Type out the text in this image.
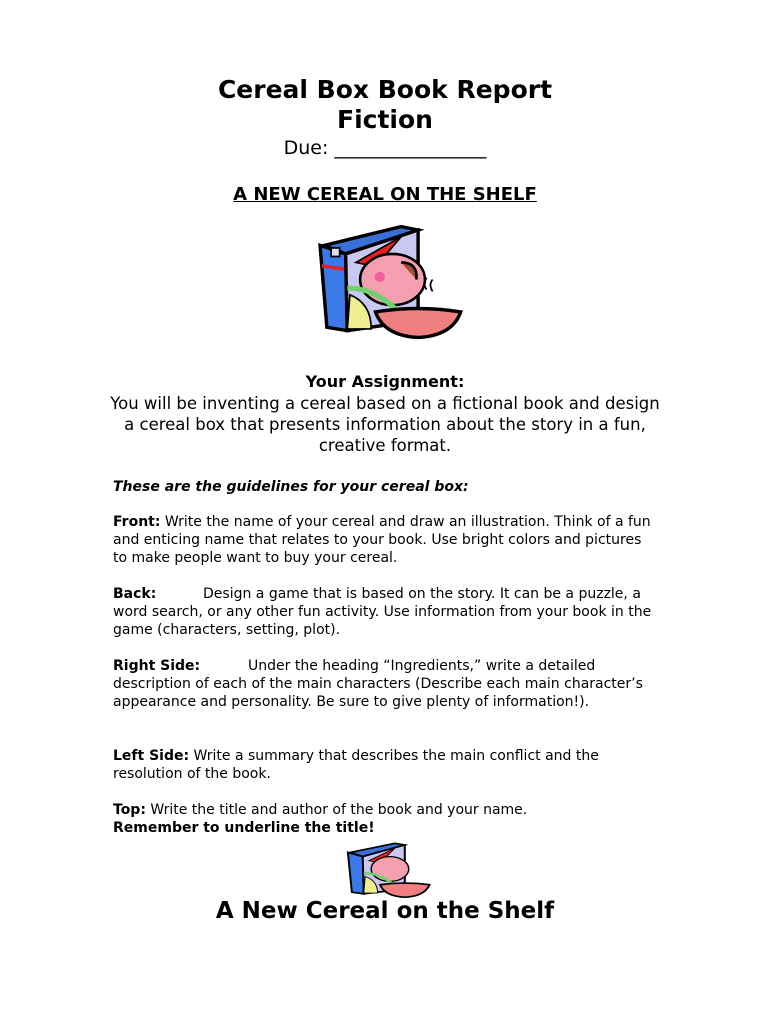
Cereal Box Book Report
Fiction
Due: ________________
A NEW CEREAL ON THE SHELF
Your Assignment:
You will be inventing a cereal based on a fictional book and design a cereal box that presents information about the story in a fun, creative format.
These are the guidelines for your cereal box:
Front: Write the name of your cereal and draw an illustration. Think of a fun and enticing name that relates to your book. Use bright colors and pictures to make people want to buy your cereal.
Back:	Design a game that is based on the story. It can be a puzzle, a word search, or any other fun activity. Use information from your book in the game (characters, setting, plot).
Right Side:	Under the heading “Ingredients,” write a detailed description of each of the main characters (Describe each main character’s appearance and personality. Be sure to give plenty of information!).
Left Side: Write a summary that describes the main conflict and the resolution of the book.
Top: Write the title and author of the book and your name.
Remember to underline the title!
A New Cereal on the Shelf
